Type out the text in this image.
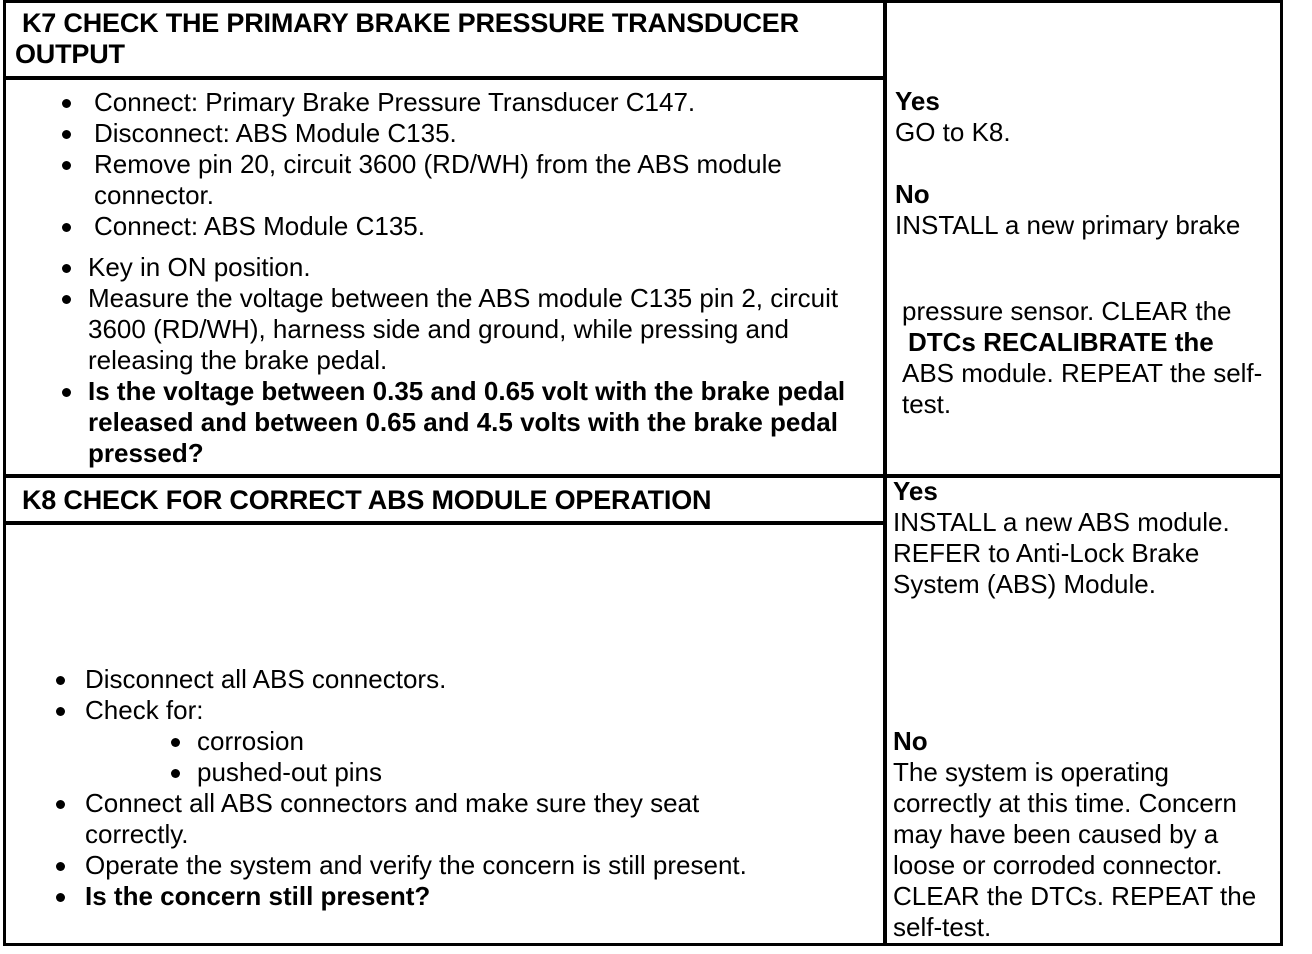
K7 CHECK THE PRIMARY BRAKE PRESSURE TRANSDUCER
OUTPUT
Connect: Primary Brake Pressure Transducer C147.
Disconnect: ABS Module C135.
Remove pin 20, circuit 3600 (RD/WH) from the ABS module connector.
Connect: ABS Module C135.
Key in ON position.
Measure the voltage between the ABS module C135 pin 2, circuit 3600 (RD/WH), harness side and ground, while pressing and releasing the brake pedal.
Is the voltage between 0.35 and 0.65 volt with the brake pedal released and between 0.65 and 4.5 volts with the brake pedal pressed?
Yes
GO to K8.
No
INSTALL a new primary brake
pressure sensor. CLEAR the
DTCs RECALIBRATE the
ABS module. REPEAT the self-test.
K8 CHECK FOR CORRECT ABS MODULE OPERATION
Disconnect all ABS connectors.
Check for:
corrosion
pushed-out pins
Connect all ABS connectors and make sure they seat correctly.
Operate the system and verify the concern is still present.
Is the concern still present?
Yes
INSTALL a new ABS module. REFER to Anti-Lock Brake System (ABS) Module.
No
The system is operating correctly at this time. Concern may have been caused by a loose or corroded connector. CLEAR the DTCs. REPEAT the self-test.
